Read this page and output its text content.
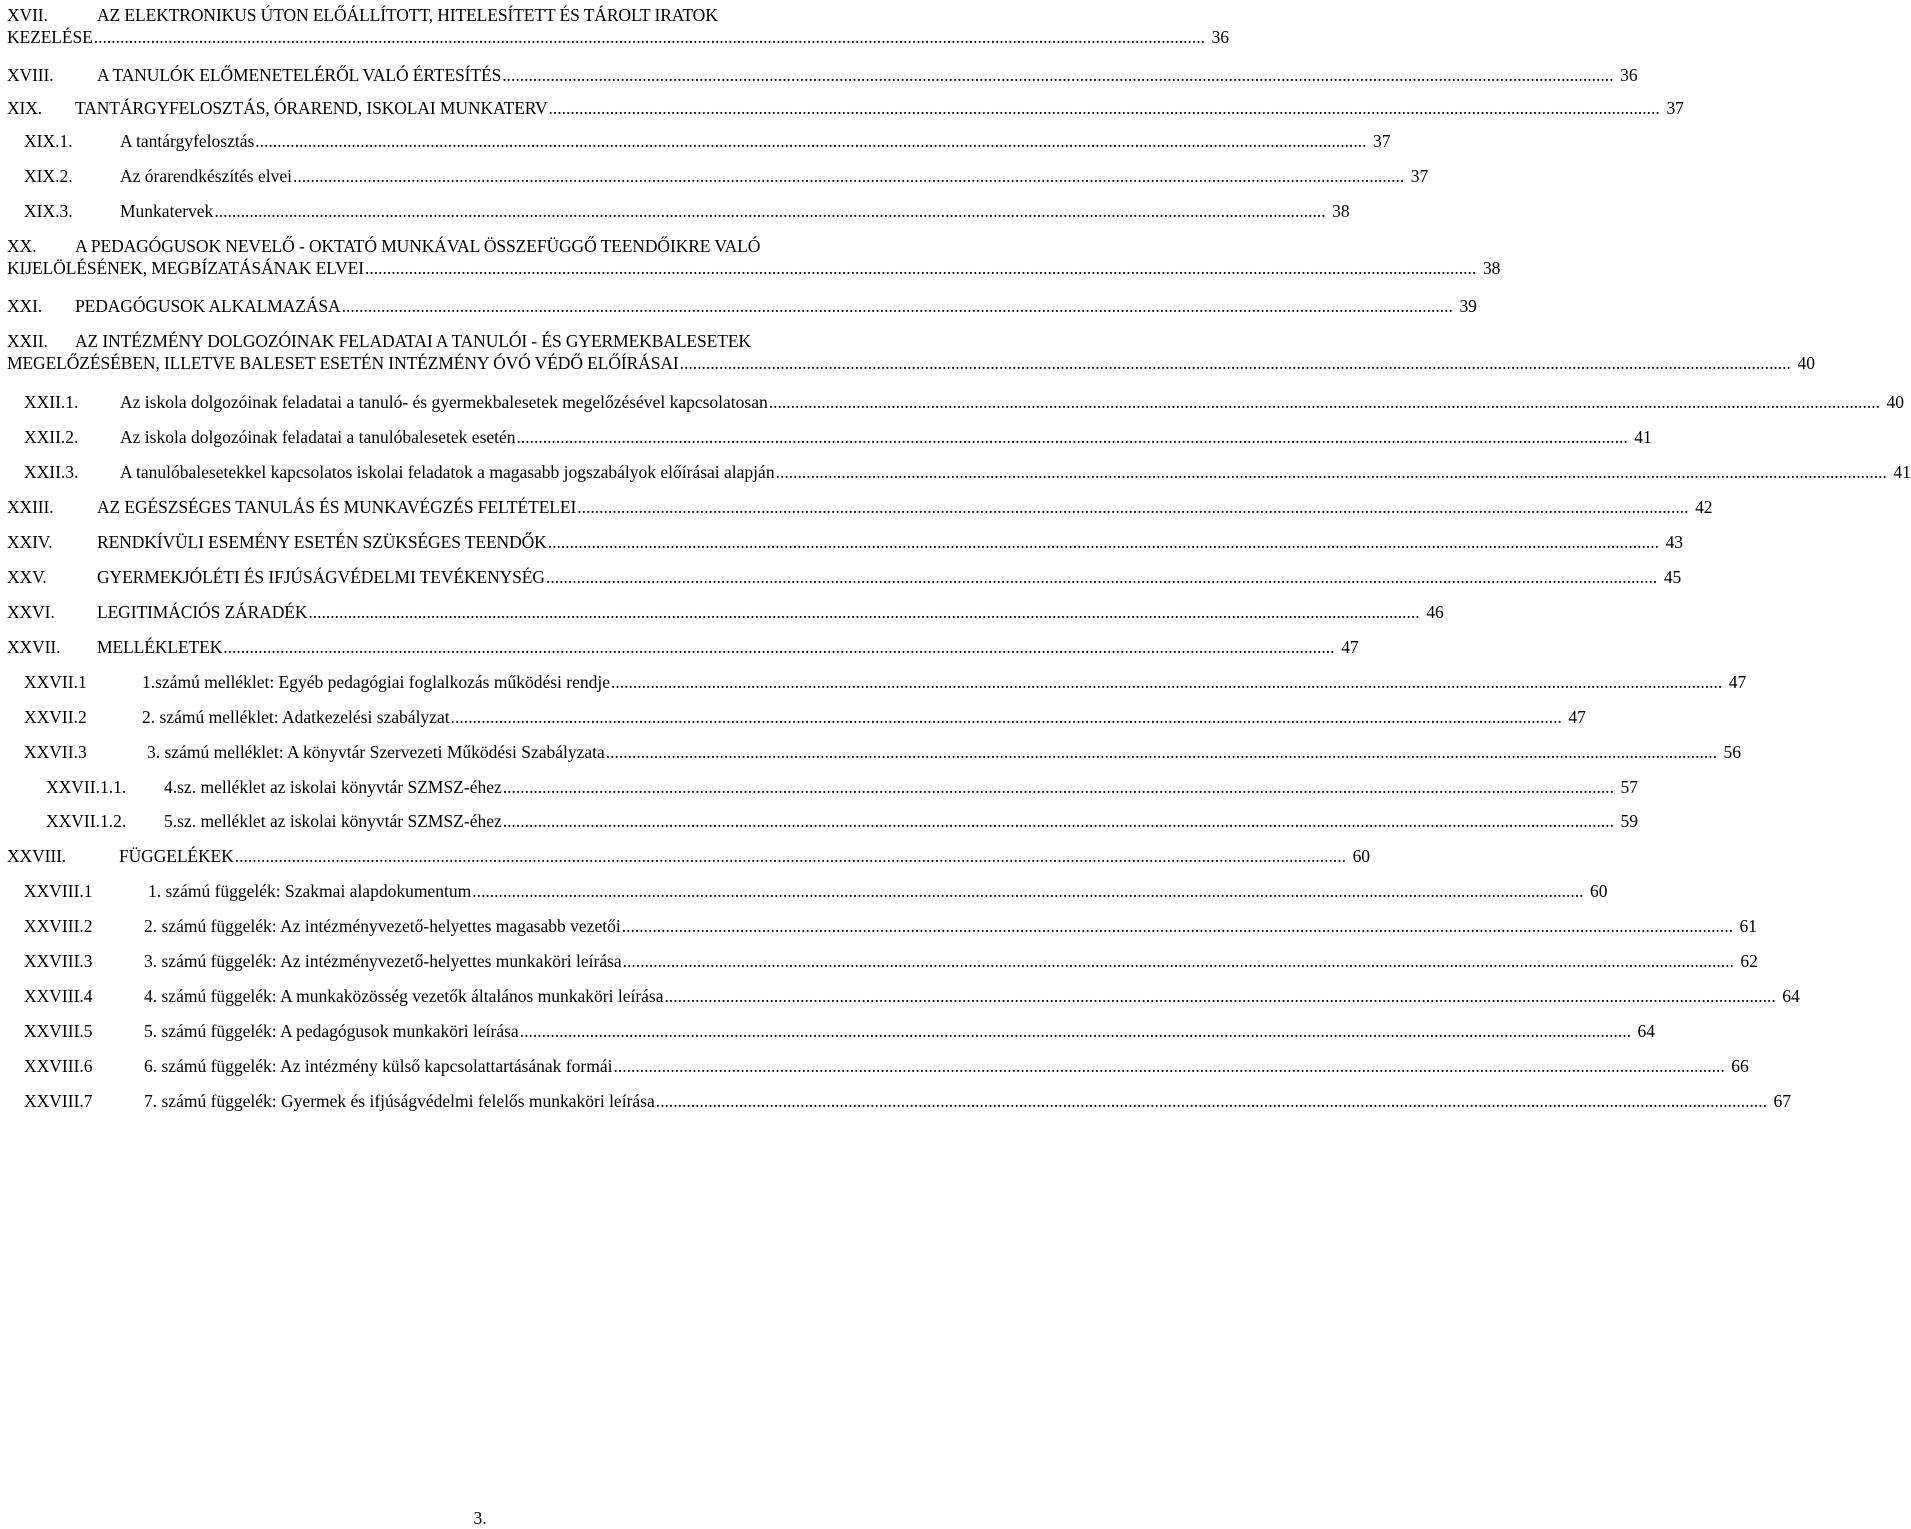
XVII.	AZ ELEKTRONIKUS ÚTON ELŐÁLLÍTOTT, HITELESÍTETT ÉS TÁROLT IRATOK
KEZELÉSE .....	36
XVIII.	A TANULÓK ELŐMENETELÉRŐL VALÓ ÉRTESÍTÉS .....	36
XIX.	TANTÁRGYFELOSZTÁS, ÓRAREND, ISKOLAI MUNKATERV .....	37
XIX.1.	A tantárgyfelosztás .....	37
XIX.2.	Az órarendkészítés elvei .....	37
XIX.3.	Munkatervek .....	38
XX. A PEDAGÓGUSOK NEVELŐ - OKTATÓ MUNKÁVAL ÖSSZEFÜGGŐ TEENDŐIKRE VALÓ
KIJELÖLÉSÉNEK, MEGBÍZATÁSÁNAK ELVEI .....	38
XXI.	PEDAGÓGUSOK ALKALMAZÁSA .....	39
XXII. AZ INTÉZMÉNY DOLGOZÓINAK FELADATAI A TANULÓI - ÉS GYERMEKBALESETEK
MEGELŐZÉSÉBEN, ILLETVE BALESET ESETÉN INTÉZMÉNY ÓVÓ VÉDŐ ELŐÍRÁSAI .....	40
XXII.1.	Az iskola dolgozóinak feladatai a tanuló- és gyermekbalesetek megelőzésével kapcsolatosan .....	40
XXII.2.	Az iskola dolgozóinak feladatai a tanulóbalesetek esetén .....	41
XXII.3.	A tanulóbalesetekkel kapcsolatos iskolai feladatok a magasabb jogszabályok előírásai alapján .....	41
XXIII.	AZ EGÉSZSÉGES TANULÁS ÉS MUNKAVÉGZÉS FELTÉTELEI .....	42
XXIV.	RENDKÍVÜLI ESEMÉNY ESETÉN SZÜKSÉGES TEENDŐK .....	43
XXV.	GYERMEKJÓLÉTI ÉS IFJÚSÁGVÉDELMI TEVÉKENYSÉG .....	45
XXVI.	LEGITIMÁCIÓS ZÁRADÉK .....	46
XXVII.	MELLÉKLETEK .....	47
XXVII.1	1.számú melléklet: Egyéb pedagógiai foglalkozás működési rendje .....	47
XXVII.2	2. számú melléklet: Adatkezelési szabályzat .....	47
XXVII.3	3. számú melléklet: A könyvtár Szervezeti Működési Szabályzata .....	56
XXVII.1.1.	4.sz. melléklet az iskolai könyvtár SZMSZ-éhez .....	57
XXVII.1.2.	5.sz. melléklet az iskolai könyvtár SZMSZ-éhez .....	59
XXVIII.	FÜGGELÉKEK .....	60
XXVIII.1	1. számú függelék: Szakmai alapdokumentum .....	60
XXVIII.2	2. számú függelék: Az intézményvezető-helyettes magasabb vezetői .....	61
XXVIII.3	3. számú függelék: Az intézményvezető-helyettes munkaköri leírása .....	62
XXVIII.4	4. számú függelék: A munkaközösség vezetők általános munkaköri leírása .....	64
XXVIII.5	5. számú függelék: A pedagógusok munkaköri leírása .....	64
XXVIII.6	6. számú függelék: Az intézmény külső kapcsolattartásának formái .....	66
XXVIII.7	7. számú függelék: Gyermek és ifjúságvédelmi felelős munkaköri leírása .....	67
3.
